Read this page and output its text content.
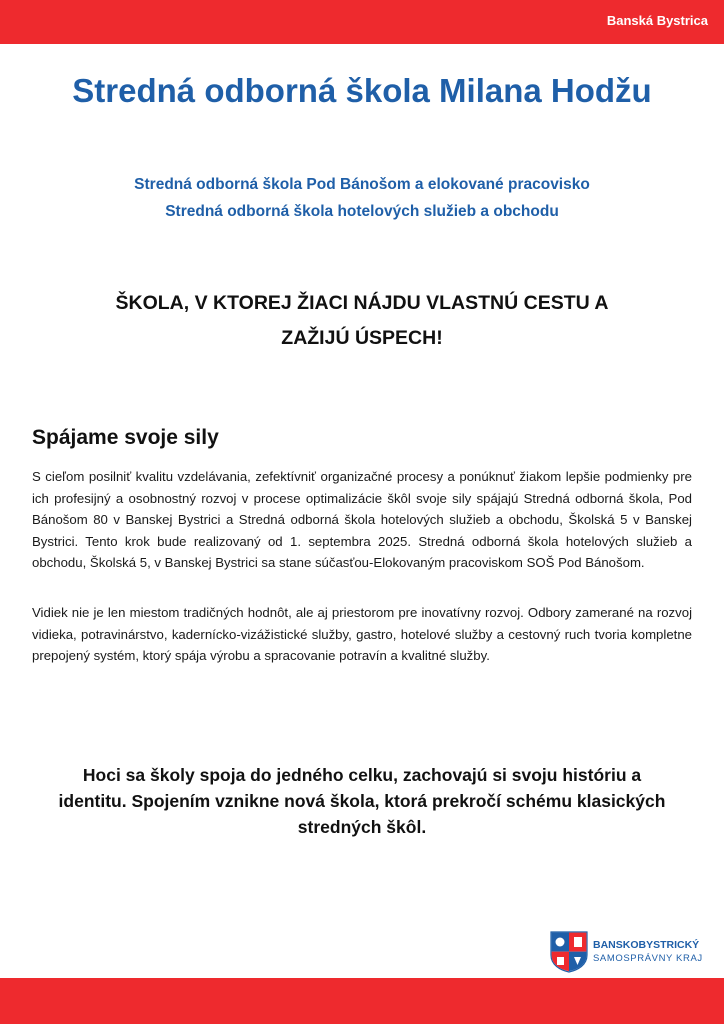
Banská Bystrica
Stredná odborná škola Milana Hodžu
Stredná odborná škola Pod Bánošom a elokované pracovisko
Stredná odborná škola hotelových služieb a obchodu
ŠKOLA, V KTOREJ ŽIACI NÁJDU VLASTNÚ CESTU A
ZAŽIJÚ ÚSPECH!
Spájame svoje sily

S cieľom posilniť kvalitu vzdelávania, zefektívniť organizačné procesy a ponúknuť žiakom lepšie podmienky pre ich profesijný a osobnostný rozvoj v procese optimalizácie škôl svoje sily spájajú Stredná odborná škola, Pod Bánošom 80 v Banskej Bystrici a Stredná odborná škola hotelových služieb a obchodu, Školská 5 v Banskej Bystrici. Tento krok bude realizovaný od 1. septembra 2025. Stredná odborná škola hotelových služieb a obchodu, Školská 5, v Banskej Bystrici sa stane súčasťou-Elokovaným pracoviskom SOŠ Pod Bánošom.

Vidiek nie je len miestom tradičných hodnôt, ale aj priestorom pre inovatívny rozvoj. Odbory zamerané na rozvoj vidieka, potravinárstvo, kadernícko-vizážistické služby, gastro, hotelové služby a cestovný ruch tvoria kompletne prepojený systém, ktorý spája výrobu a spracovanie potravín a kvalitné služby.

Hoci sa školy spoja do jedného celku, zachovajú si svoju históriu a identitu. Spojením vznikne nová škola, ktorá prekročí schému klasických stredných škôl.

BANSKOBYSTRICKÝ
SAMOSPRÁVNY KRAJ
